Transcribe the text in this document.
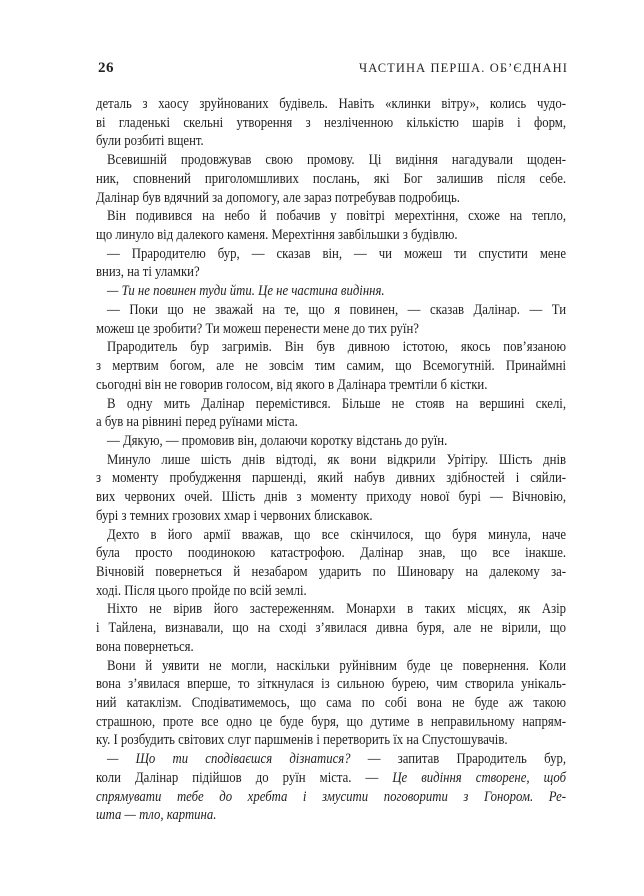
26	ЧАСТИНА ПЕРША. ОБ’ЄДНАНІ
деталь з хаосу зруйнованих будівель. Навіть «клинки вітру», колись чудо-
ві гладенькі скельні утворення з незліченною кількістю шарів і форм,
були розбиті вщент.
Всевишній продовжував свою промову. Ці видіння нагадували щоден-
ник, сповнений приголомшливих послань, які Бог залишив після себе.
Далінар був вдячний за допомогу, але зараз потребував подробиць.
Він подивився на небо й побачив у повітрі мерехтіння, схоже на тепло,
що линуло від далекого каменя. Мерехтіння завбільшки з будівлю.
— Прародителю бур, — сказав він, — чи можеш ти спустити мене
вниз, на ті уламки?
— Ти не повинен туди йти. Це не частина видіння.
— Поки що не зважай на те, що я повинен, — сказав Далінар. — Ти
можеш це зробити? Ти можеш перенести мене до тих руїн?
Прародитель бур загримів. Він був дивною істотою, якось пов’язаною
з мертвим богом, але не зовсім тим самим, що Всемогутній. Принаймні
сьогодні він не говорив голосом, від якого в Далінара тремтіли б кістки.
В одну мить Далінар перемістився. Більше не стояв на вершині скелі,
а був на рівнині перед руїнами міста.
— Дякую, — промовив він, долаючи коротку відстань до руїн.
Минуло лише шість днів відтоді, як вони відкрили Урітіру. Шість днів
з моменту пробудження паршенді, який набув дивних здібностей і сяйли-
вих червоних очей. Шість днів з моменту приходу нової бурі — Вічновію,
бурі з темних грозових хмар і червоних блискавок.
Дехто в його армії вважав, що все скінчилося, що буря минула, наче
була просто поодинокою катастрофою. Далінар знав, що все інакше.
Вічновій повернеться й незабаром ударить по Шиновару на далекому за-
ході. Після цього пройде по всій землі.
Ніхто не вірив його застереженням. Монархи в таких місцях, як Азір
і Тайлена, визнавали, що на сході з’явилася дивна буря, але не вірили, що
вона повернеться.
Вони й уявити не могли, наскільки руйнівним буде це повернення. Коли
вона з’явилася вперше, то зіткнулася із сильною бурею, чим створила унікаль-
ний катаклізм. Сподіватимемось, що сама по собі вона не буде аж такою
страшною, проте все одно це буде буря, що дутиме в неправильному напрям-
ку. І розбудить світових слуг паршменів і перетворить їх на Спустошувачів.
— Що ти сподіваєшся дізнатися? — запитав Прародитель бур,
коли Далінар підійшов до руїн міста. — Це видіння створене, щоб
спрямувати тебе до хребта і змусити поговорити з Гонором. Ре-
шта — тло, картина.
